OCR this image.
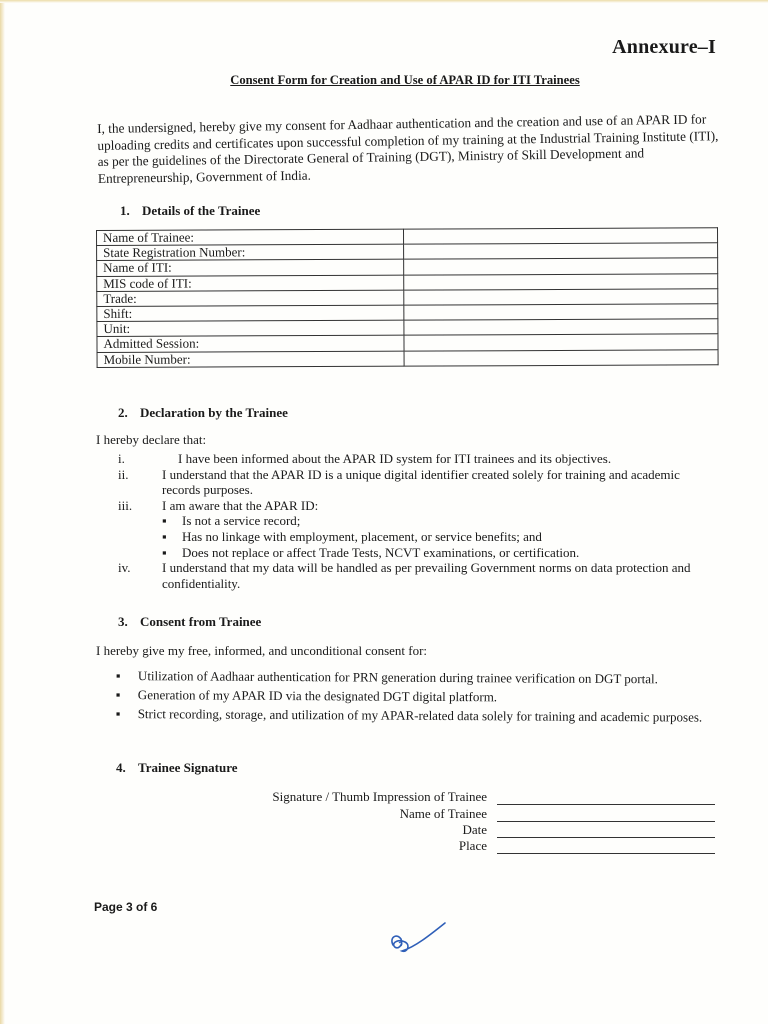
Annexure–I
Consent Form for Creation and Use of APAR ID for ITI Trainees
I, the undersigned, hereby give my consent for Aadhaar authentication and the creation and use of an APAR ID for uploading credits and certificates upon successful completion of my training at the Industrial Training Institute (ITI), as per the guidelines of the Directorate General of Training (DGT), Ministry of Skill Development and Entrepreneurship, Government of India.
1. Details of the Trainee
Name of Trainee:	
State Registration Number:	
Name of ITI:	
MIS code of ITI:	
Trade:	
Shift:	
Unit:	
Admitted Session:	
Mobile Number:	
2. Declaration by the Trainee
I hereby declare that:
i.	I have been informed about the APAR ID system for ITI trainees and its objectives.
ii.	I understand that the APAR ID is a unique digital identifier created solely for training and academic records purposes.
iii.	I am aware that the APAR ID:
▪	Is not a service record;
▪	Has no linkage with employment, placement, or service benefits; and
▪	Does not replace or affect Trade Tests, NCVT examinations, or certification.
iv.	I understand that my data will be handled as per prevailing Government norms on data protection and confidentiality.
3. Consent from Trainee
I hereby give my free, informed, and unconditional consent for:
▪	Utilization of Aadhaar authentication for PRN generation during trainee verification on DGT portal.
▪	Generation of my APAR ID via the designated DGT digital platform.
▪	Strict recording, storage, and utilization of my APAR-related data solely for training and academic purposes.
4. Trainee Signature
Signature / Thumb Impression of Trainee
Name of Trainee
Date
Place
Page 3 of 6
